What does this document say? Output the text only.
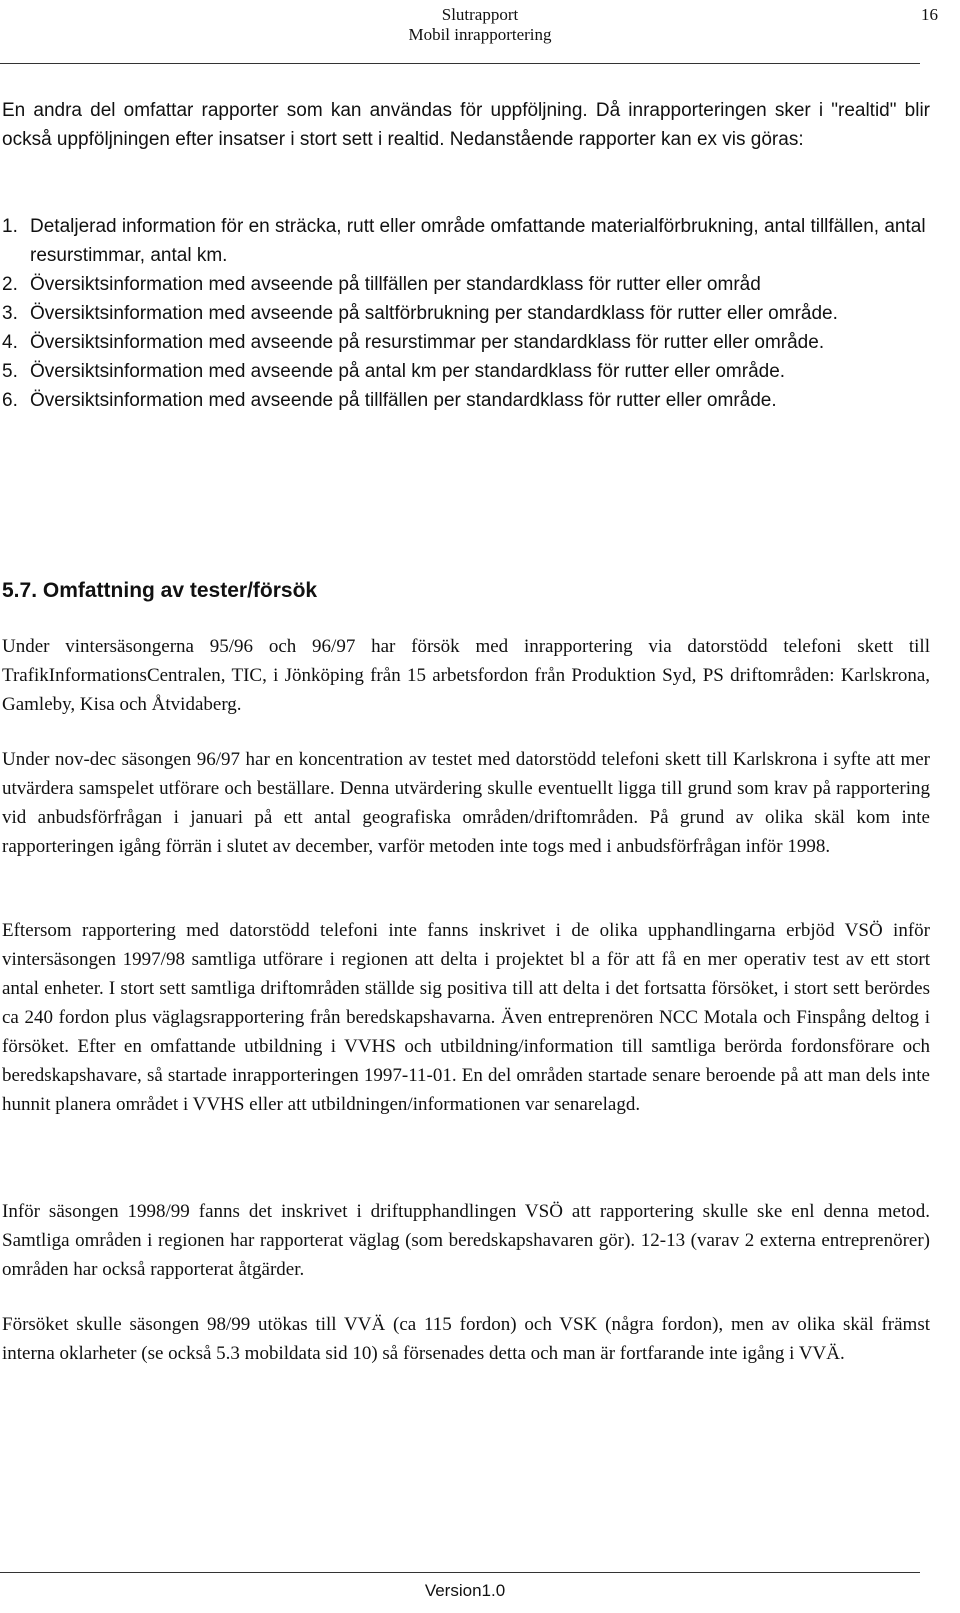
Slutrapport
Mobil inrapportering
16

En andra del omfattar rapporter som kan användas för uppföljning. Då inrapporteringen sker i "realtid" blir också uppföljningen efter insatser i stort sett i realtid. Nedanstående rapporter kan ex vis göras:

1. Detaljerad information för en sträcka, rutt eller område omfattande materialförbrukning, antal tillfällen, antal resurstimmar, antal km.
2. Översiktsinformation med avseende på tillfällen per standardklass för rutter eller områd
3. Översiktsinformation med avseende på saltförbrukning per standardklass för rutter eller område.
4. Översiktsinformation med avseende på resurstimmar per standardklass för rutter eller område.
5. Översiktsinformation med avseende på antal km per standardklass för rutter eller område.
6. Översiktsinformation med avseende på tillfällen per standardklass för rutter eller område.
5.7. Omfattning av tester/försök

Under vintersäsongerna 95/96 och 96/97 har försök med inrapportering via datorstödd telefoni skett till TrafikInformationsCentralen, TIC, i Jönköping från 15 arbetsfordon från Produktion Syd, PS driftområden: Karlskrona, Gamleby, Kisa och Åtvidaberg.

Under nov-dec säsongen 96/97 har en koncentration av testet med datorstödd telefoni skett till Karlskrona i syfte att mer utvärdera samspelet utförare och beställare. Denna utvärdering skulle eventuellt ligga till grund som krav på rapportering vid anbudsförfrågan i januari på ett antal geografiska områden/driftområden. På grund av olika skäl kom inte rapporteringen igång förrän i slutet av december, varför metoden inte togs med i anbudsförfrågan inför 1998.

Eftersom rapportering med datorstödd telefoni inte fanns inskrivet i de olika upphandlingarna erbjöd VSÖ inför vintersäsongen 1997/98 samtliga utförare i regionen att delta i projektet bl a för att få en mer operativ test av ett stort antal enheter. I stort sett samtliga driftområden ställde sig positiva till att delta i det fortsatta försöket, i stort sett berördes ca 240 fordon plus väglagsrapportering från beredskapshavarna. Även entreprenören NCC Motala och Finspång deltog i försöket. Efter en omfattande utbildning i VVHS och utbildning/information till samtliga berörda fordonsförare och beredskapshavare, så startade inrapporteringen 1997-11-01. En del områden startade senare beroende på att man dels inte hunnit planera området i VVHS eller att utbildningen/informationen var senarelagd.

Inför säsongen 1998/99 fanns det inskrivet i driftupphandlingen VSÖ att rapportering skulle ske enl denna metod. Samtliga områden i regionen har rapporterat väglag (som beredskapshavaren gör). 12-13 (varav 2 externa entreprenörer) områden har också rapporterat åtgärder.

Försöket skulle säsongen 98/99 utökas till VVÄ (ca 115 fordon) och VSK (några fordon), men av olika skäl främst interna oklarheter (se också 5.3 mobildata sid 10) så försenades detta och man är fortfarande inte igång i VVÄ.

Version1.0
